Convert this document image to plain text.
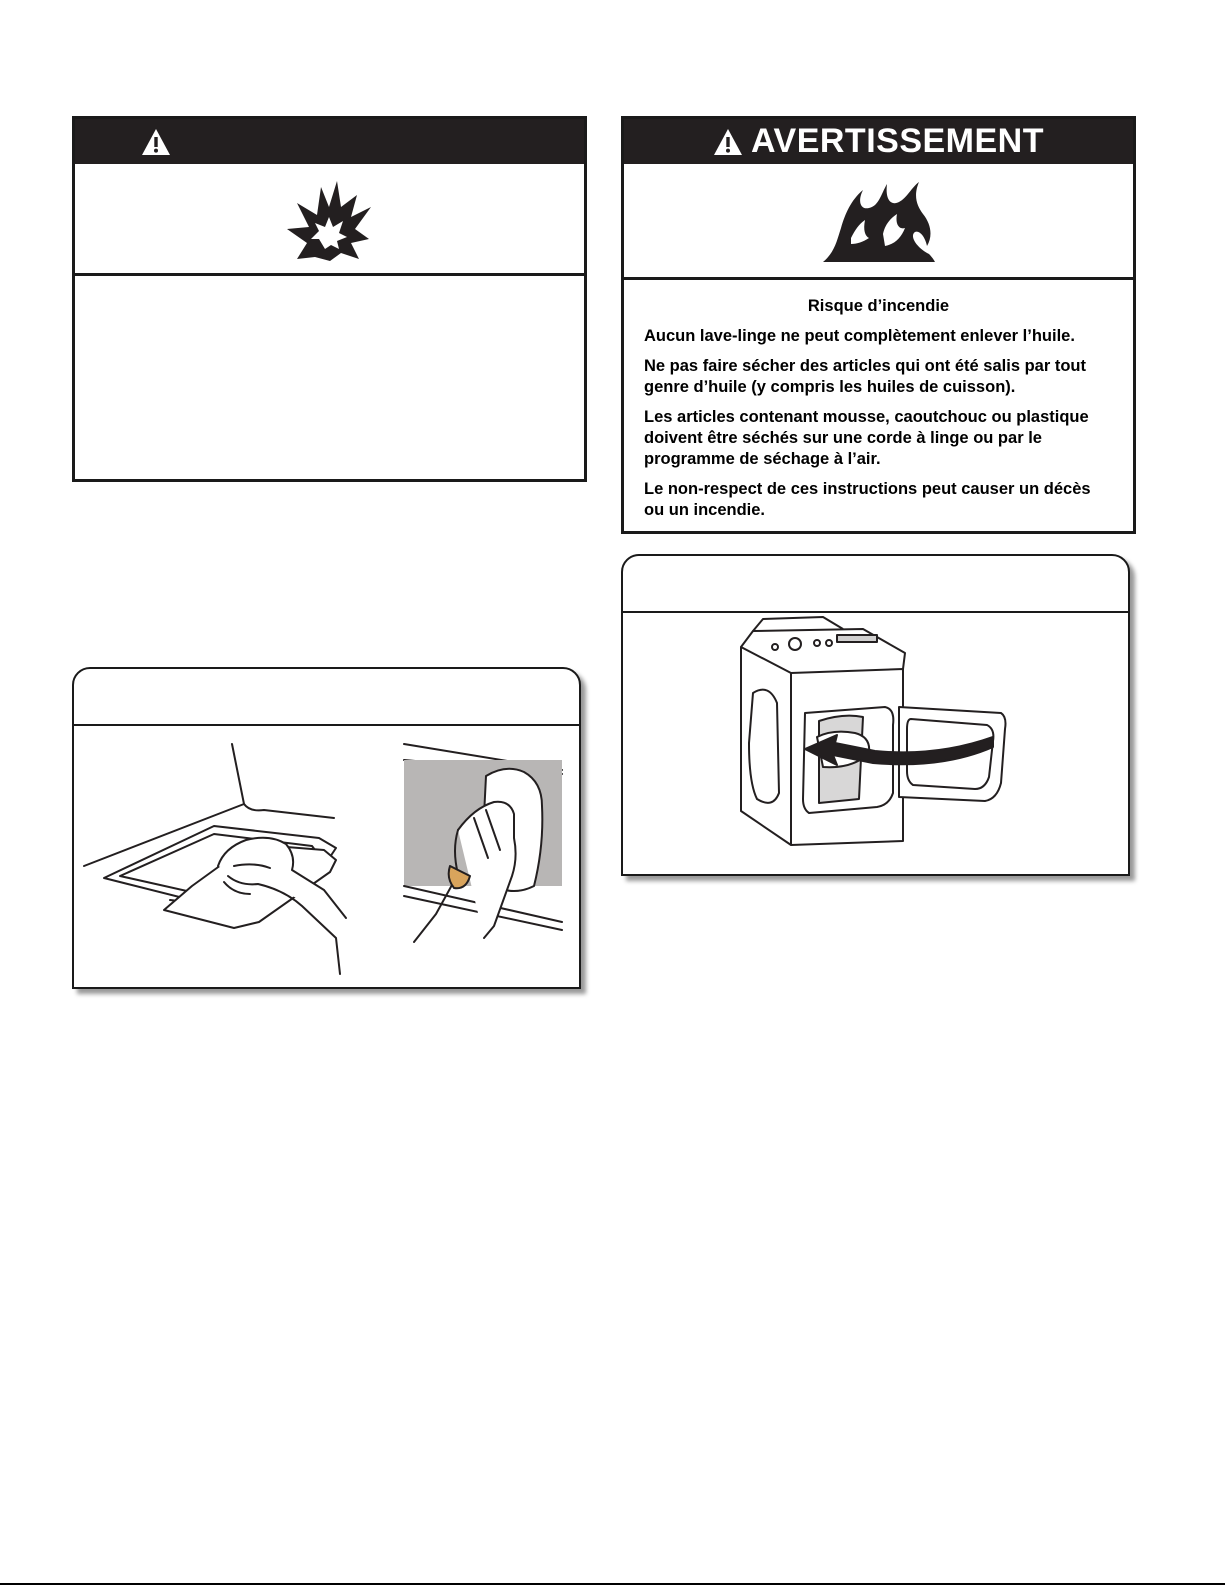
AVERTISSEMENT
Risque d’incendie

Aucun lave-linge ne peut complètement enlever l’huile.

Ne pas faire sécher des articles qui ont été salis par tout genre d’huile (y compris les huiles de cuisson).

Les articles contenant mousse, caoutchouc ou plastique doivent être séchés sur une corde à linge ou par le programme de séchage à l’air.

Le non-respect de ces instructions peut causer un décès ou un incendie.
